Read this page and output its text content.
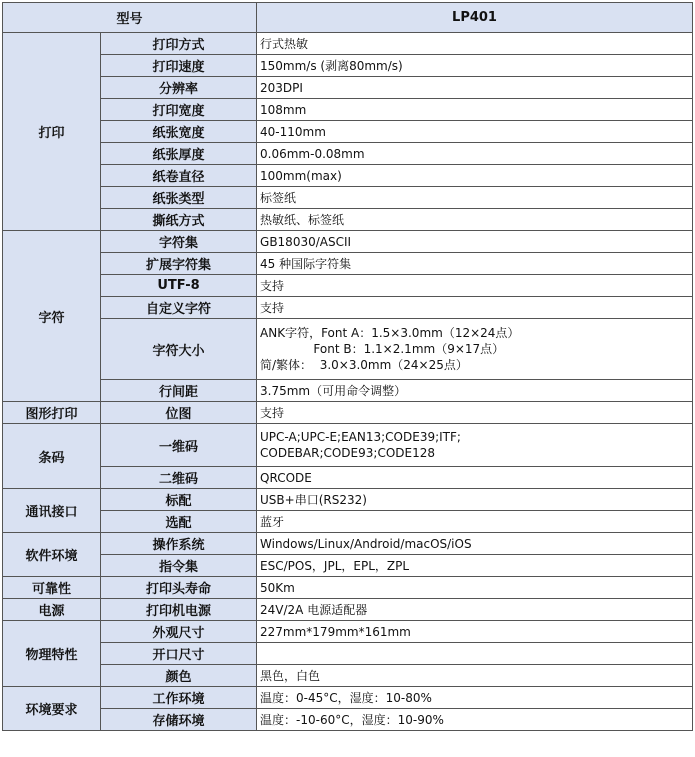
型号		LP401
打印	打印方式	行式热敏
	打印速度	150mm/s (剥离80mm/s)
	分辨率	203DPI
	打印宽度	108mm
	纸张宽度	40-110mm
	纸张厚度	0.06mm-0.08mm
	纸卷直径	100mm(max)
	纸张类型	标签纸
	撕纸方式	热敏纸、标签纸
字符	字符集	GB18030/ASCII
	扩展字符集	45 种国际字符集
	UTF-8	支持
	自定义字符	支持
	字符大小	ANK字符，Font A：1.5×3.0mm（12×24点）
Font B：1.1×2.1mm（9×17点）
简/繁体：  3.0×3.0mm（24×25点）

	行间距	3.75mm（可用命令调整）
图形打印	位图	支持
条码	一维码	UPC-A;UPC-E;EAN13;CODE39;ITF;
CODEBAR;CODE93;CODE128

	二维码	QRCODE
通讯接口	标配	USB+串口(RS232)
	选配	蓝牙
软件环境	操作系统	Windows/Linux/Android/macOS/iOS
	指令集	ESC/POS，JPL，EPL，ZPL
可靠性	打印头寿命	50Km
电源	打印机电源	24V/2A 电源适配器
物理特性	外观尺寸	227mm*179mm*161mm
	开口尺寸	
	颜色	黑色，白色
环境要求	工作环境	温度：0-45°C，湿度：10-80%
	存储环境	温度：-10-60°C，湿度：10-90%
